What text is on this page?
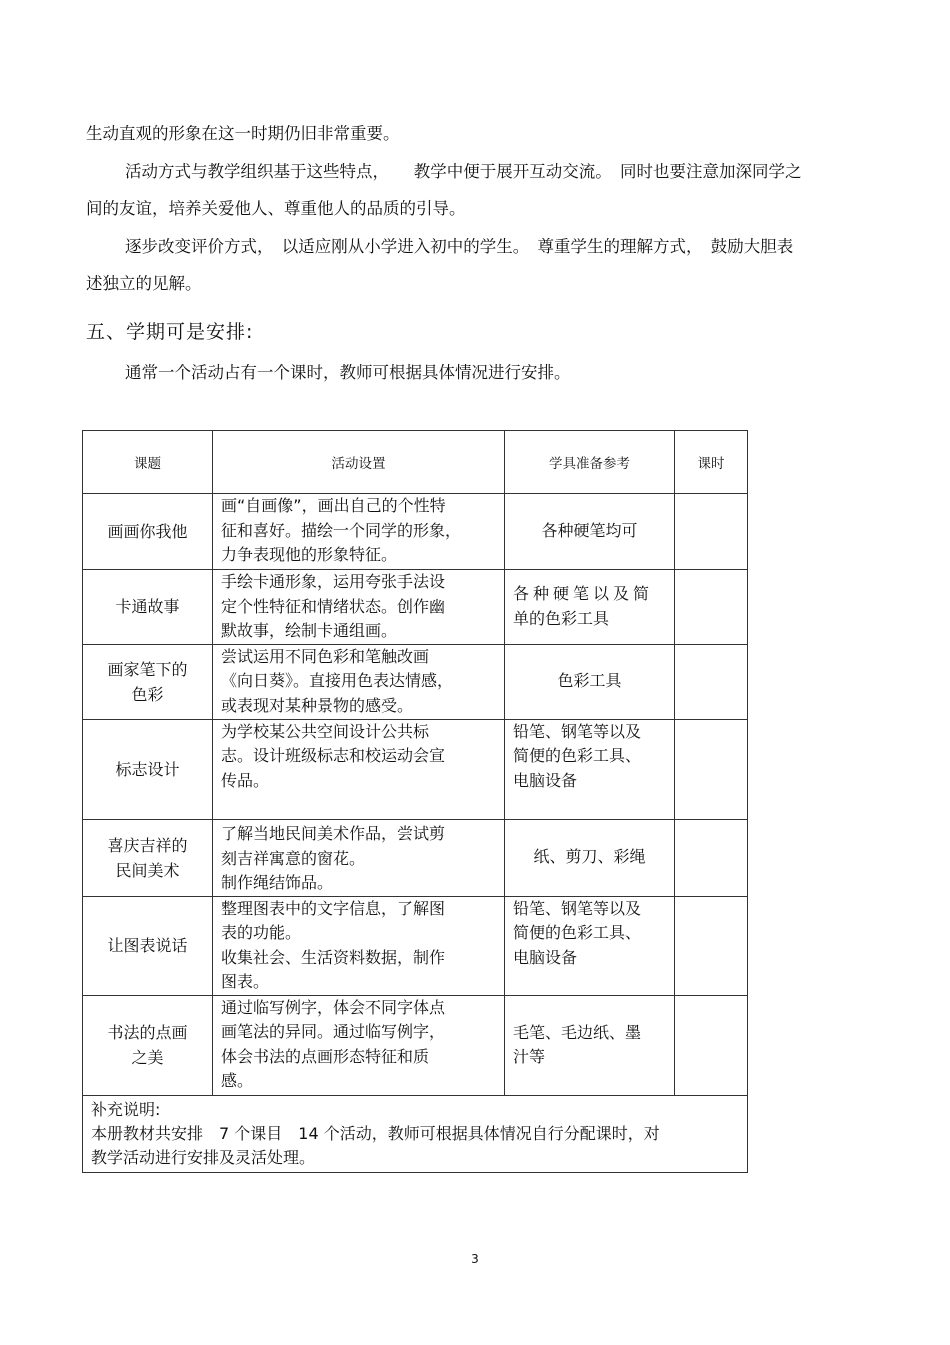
生动直观的形象在这一时期仍旧非常重要。
活动方式与教学组织基于这些特点，　　教学中便于展开互动交流。　同时也要注意加深同学之
间的友谊，培养关爱他人、尊重他人的品质的引导。
逐步改变评价方式，　以适应刚从小学进入初中的学生。　尊重学生的理解方式，　鼓励大胆表
述独立的见解。
五、学期可是安排:
通常一个活动占有一个课时，教师可根据具体情况进行安排。
课题	活动设置	学具准备参考	课时

画画你我他	画“自画像”，画出自己的个性特
征和喜好。描绘一个同学的形象，
力争表现他的形象特征。	各种硬笔均可	

卡通故事	手绘卡通形象，运用夸张手法设
定个性特征和情绪状态。创作幽
默故事，绘制卡通组画。	各种硬笔以及简
单的色彩工具	

画家笔下的
色彩	尝试运用不同色彩和笔触改画
《向日葵》。直接用色表达情感，
或表现对某种景物的感受。	色彩工具	

标志设计	为学校某公共空间设计公共标
志。设计班级标志和校运动会宣
传品。	铅笔、钢笔等以及
简便的色彩工具、
电脑设备	

喜庆吉祥的
民间美术	了解当地民间美术作品，尝试剪
刻吉祥寓意的窗花。
制作绳结饰品。	纸、剪刀、彩绳	

让图表说话	整理图表中的文字信息，了解图
表的功能。
收集社会、生活资料数据，制作
图表。	铅笔、钢笔等以及
简便的色彩工具、
电脑设备	

书法的点画
之美	通过临写例字，体会不同字体点
画笔法的异同。通过临写例字，
体会书法的点画形态特征和质
感。	毛笔、毛边纸、墨
汁等	

补充说明:
本册教材共安排　7 个课目　14 个活动，教师可根据具体情况自行分配课时，对
教学活动进行安排及灵活处理。			
3
